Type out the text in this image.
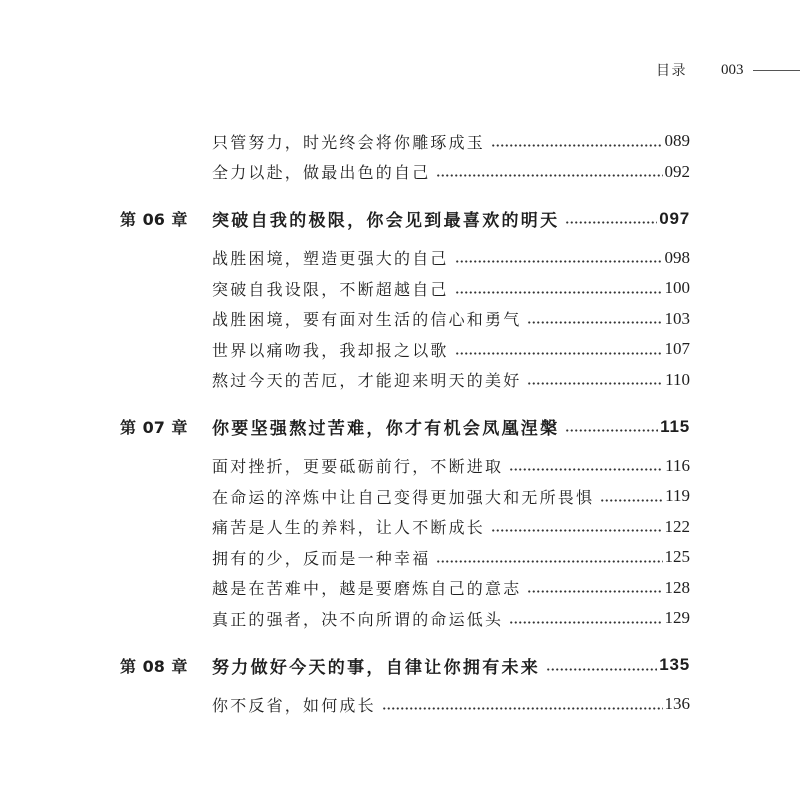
目录 003
只管努力，时光终会将你雕琢成玉	089
全力以赴，做最出色的自己	092
第 06 章	突破自我的极限，你会见到最喜欢的明天	097
战胜困境，塑造更强大的自己	098
突破自我设限，不断超越自己	100
战胜困境，要有面对生活的信心和勇气	103
世界以痛吻我，我却报之以歌	107
熬过今天的苦厄，才能迎来明天的美好	110
第 07 章	你要坚强熬过苦难，你才有机会凤凰涅槃	115
面对挫折，更要砥砺前行，不断进取	116
在命运的淬炼中让自己变得更加强大和无所畏惧	119
痛苦是人生的养料，让人不断成长	122
拥有的少，反而是一种幸福	125
越是在苦难中，越是要磨炼自己的意志	128
真正的强者，决不向所谓的命运低头	129
第 08 章	努力做好今天的事，自律让你拥有未来	135
你不反省，如何成长	136
